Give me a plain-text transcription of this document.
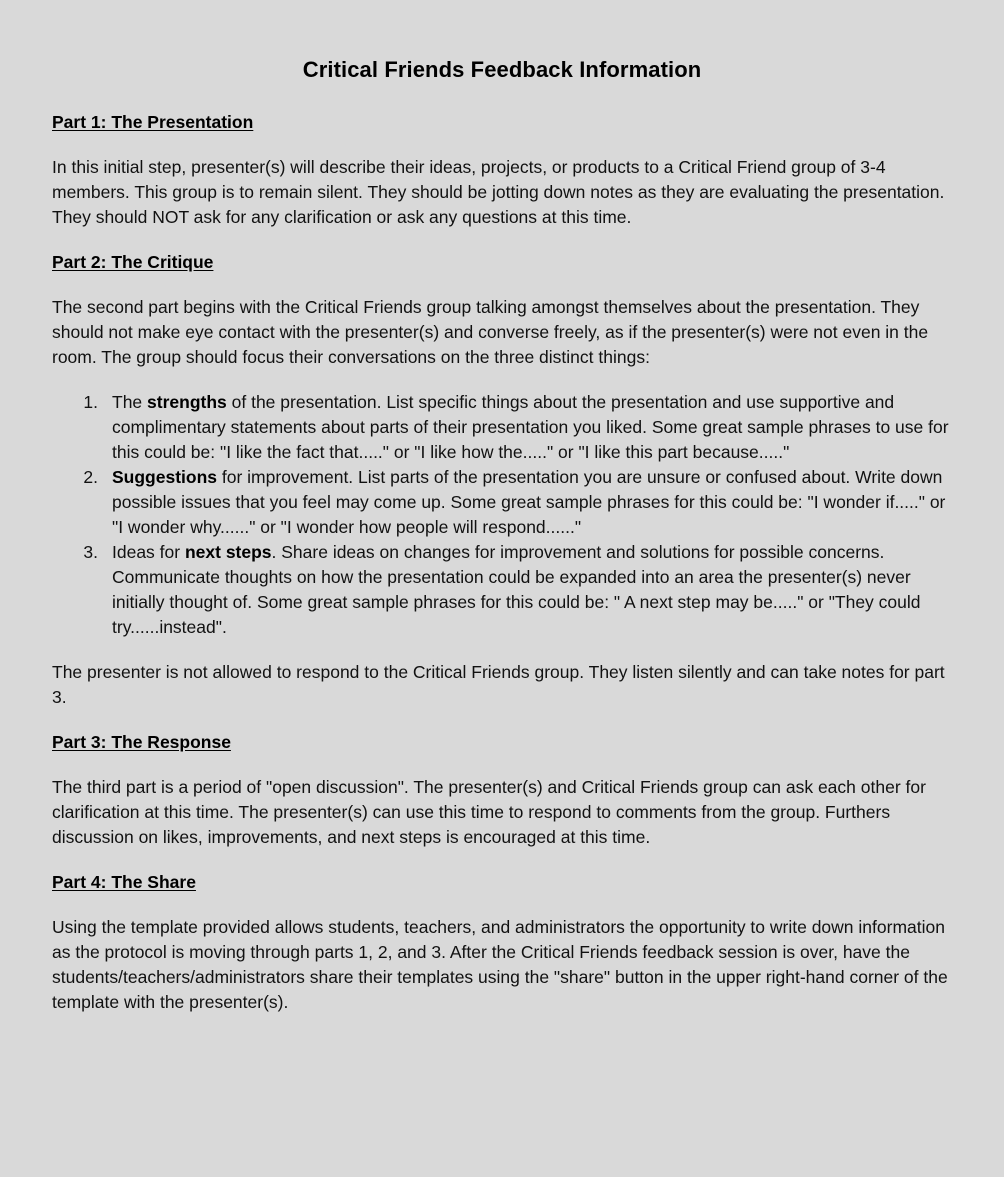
Critical Friends Feedback Information
Part 1: The Presentation

In this initial step, presenter(s) will describe their ideas, projects, or products to a Critical Friend group of 3-4 members. This group is to remain silent. They should be jotting down notes as they are evaluating the presentation. They should NOT ask for any clarification or ask any questions at this time.

Part 2: The Critique

The second part begins with the Critical Friends group talking amongst themselves about the presentation. They should not make eye contact with the presenter(s) and converse freely, as if the presenter(s) were not even in the room. The group should focus their conversations on the three distinct things:

1. The strengths of the presentation. List specific things about the presentation and use supportive and complimentary statements about parts of their presentation you liked. Some great sample phrases to use for this could be: "I like the fact that....." or "I like how the....." or "I like this part because....."
2. Suggestions for improvement. List parts of the presentation you are unsure or confused about. Write down possible issues that you feel may come up. Some great sample phrases for this could be: "I wonder if....." or "I wonder why......" or "I wonder how people will respond......"
3. Ideas for next steps. Share ideas on changes for improvement and solutions for possible concerns. Communicate thoughts on how the presentation could be expanded into an area the presenter(s) never initially thought of. Some great sample phrases for this could be: " A next step may be....." or "They could try......instead".

The presenter is not allowed to respond to the Critical Friends group. They listen silently and can take notes for part 3.

Part 3: The Response

The third part is a period of "open discussion". The presenter(s) and Critical Friends group can ask each other for clarification at this time. The presenter(s) can use this time to respond to comments from the group. Furthers discussion on likes, improvements, and next steps is encouraged at this time.

Part 4: The Share

Using the template provided allows students, teachers, and administrators the opportunity to write down information as the protocol is moving through parts 1, 2, and 3. After the Critical Friends feedback session is over, have the students/teachers/administrators share their templates using the "share" button in the upper right-hand corner of the template with the presenter(s).
